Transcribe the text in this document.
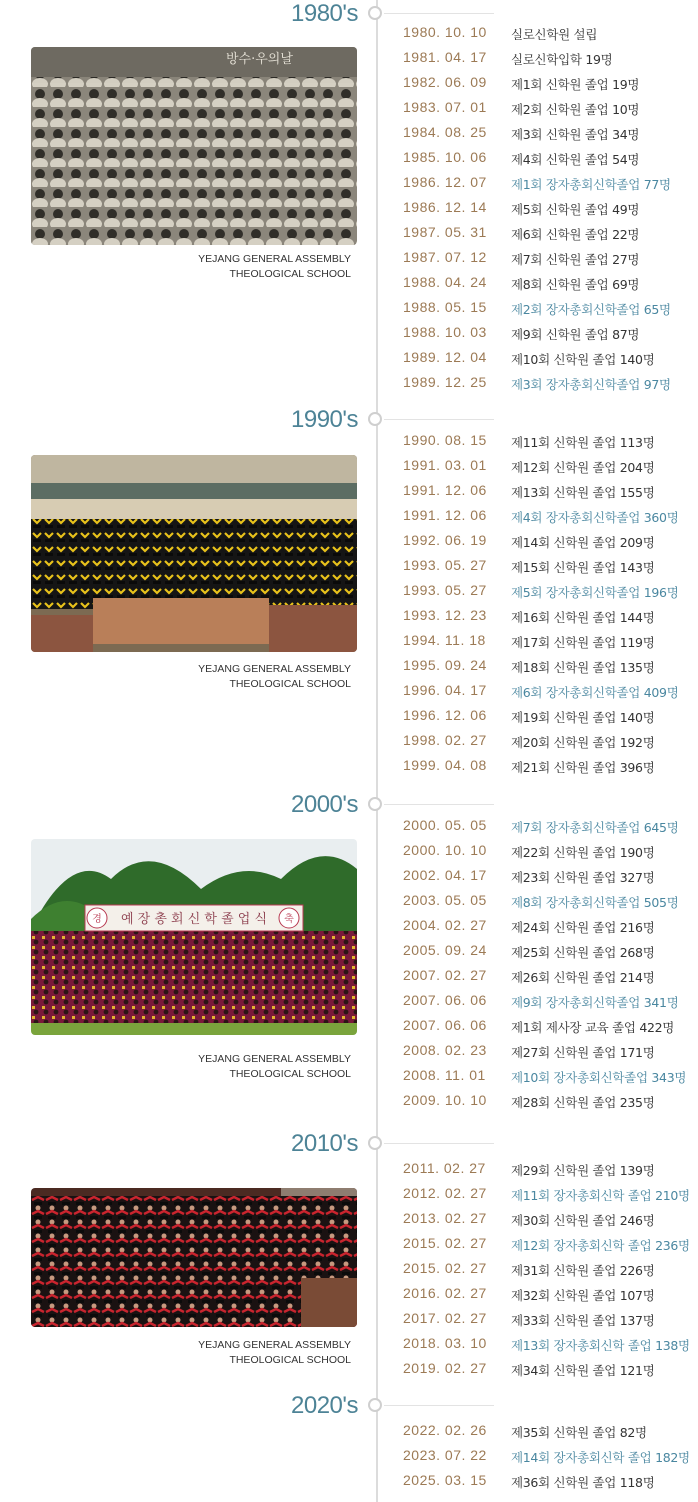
1980's
방수·우의날
YEJANG GENERAL ASSEMBLY
THEOLOGICAL SCHOOL
1980. 10. 10 실로신학원 설립
1981. 04. 17 실로신학입학 19명
1982. 06. 09 제1회 신학원 졸업 19명
1983. 07. 01 제2회 신학원 졸업 10명
1984. 08. 25 제3회 신학원 졸업 34명
1985. 10. 06 제4회 신학원 졸업 54명
1986. 12. 07 제1회 장자총회신학졸업 77명
1986. 12. 14 제5회 신학원 졸업 49명
1987. 05. 31 제6회 신학원 졸업 22명
1987. 07. 12 제7회 신학원 졸업 27명
1988. 04. 24 제8회 신학원 졸업 69명
1988. 05. 15 제2회 장자총회신학졸업 65명
1988. 10. 03 제9회 신학원 졸업 87명
1989. 12. 04 제10회 신학원 졸업 140명
1989. 12. 25 제3회 장자총회신학졸업 97명
1990's
YEJANG GENERAL ASSEMBLY
THEOLOGICAL SCHOOL
1990. 08. 15 제11회 신학원 졸업 113명
1991. 03. 01 제12회 신학원 졸업 204명
1991. 12. 06 제13회 신학원 졸업 155명
1991. 12. 06 제4회 장자총회신학졸업 360명
1992. 06. 19 제14회 신학원 졸업 209명
1993. 05. 27 제15회 신학원 졸업 143명
1993. 05. 27 제5회 장자총회신학졸업 196명
1993. 12. 23 제16회 신학원 졸업 144명
1994. 11. 18 제17회 신학원 졸업 119명
1995. 09. 24 제18회 신학원 졸업 135명
1996. 04. 17 제6회 장자총회신학졸업 409명
1996. 12. 06 제19회 신학원 졸업 140명
1998. 02. 27 제20회 신학원 졸업 192명
1999. 04. 08 제21회 신학원 졸업 396명
2000's
예 장 총 회 신 학 졸 업 식
경	축
YEJANG GENERAL ASSEMBLY
THEOLOGICAL SCHOOL
2000. 05. 05 제7회 장자총회신학졸업 645명
2000. 10. 10 제22회 신학원 졸업 190명
2002. 04. 17 제23회 신학원 졸업 327명
2003. 05. 05 제8회 장자총회신학졸업 505명
2004. 02. 27 제24회 신학원 졸업 216명
2005. 09. 24 제25회 신학원 졸업 268명
2007. 02. 27 제26회 신학원 졸업 214명
2007. 06. 06 제9회 장자총회신학졸업 341명
2007. 06. 06 제1회 제사장 교육 졸업 422명
2008. 02. 23 제27회 신학원 졸업 171명
2008. 11. 01 제10회 장자총회신학졸업 343명
2009. 10. 10 제28회 신학원 졸업 235명
2010's
YEJANG GENERAL ASSEMBLY
THEOLOGICAL SCHOOL
2011. 02. 27 제29회 신학원 졸업 139명
2012. 02. 27 제11회 장자총회신학 졸업 210명
2013. 02. 27 제30회 신학원 졸업 246명
2015. 02. 27 제12회 장자총회신학 졸업 236명
2015. 02. 27 제31회 신학원 졸업 226명
2016. 02. 27 제32회 신학원 졸업 107명
2017. 02. 27 제33회 신학원 졸업 137명
2018. 03. 10 제13회 장자총회신학 졸업 138명
2019. 02. 27 제34회 신학원 졸업 121명
2020's
2022. 02. 26 제35회 신학원 졸업 82명
2023. 07. 22 제14회 장자총회신학 졸업 182명
2025. 03. 15 제36회 신학원 졸업 118명
